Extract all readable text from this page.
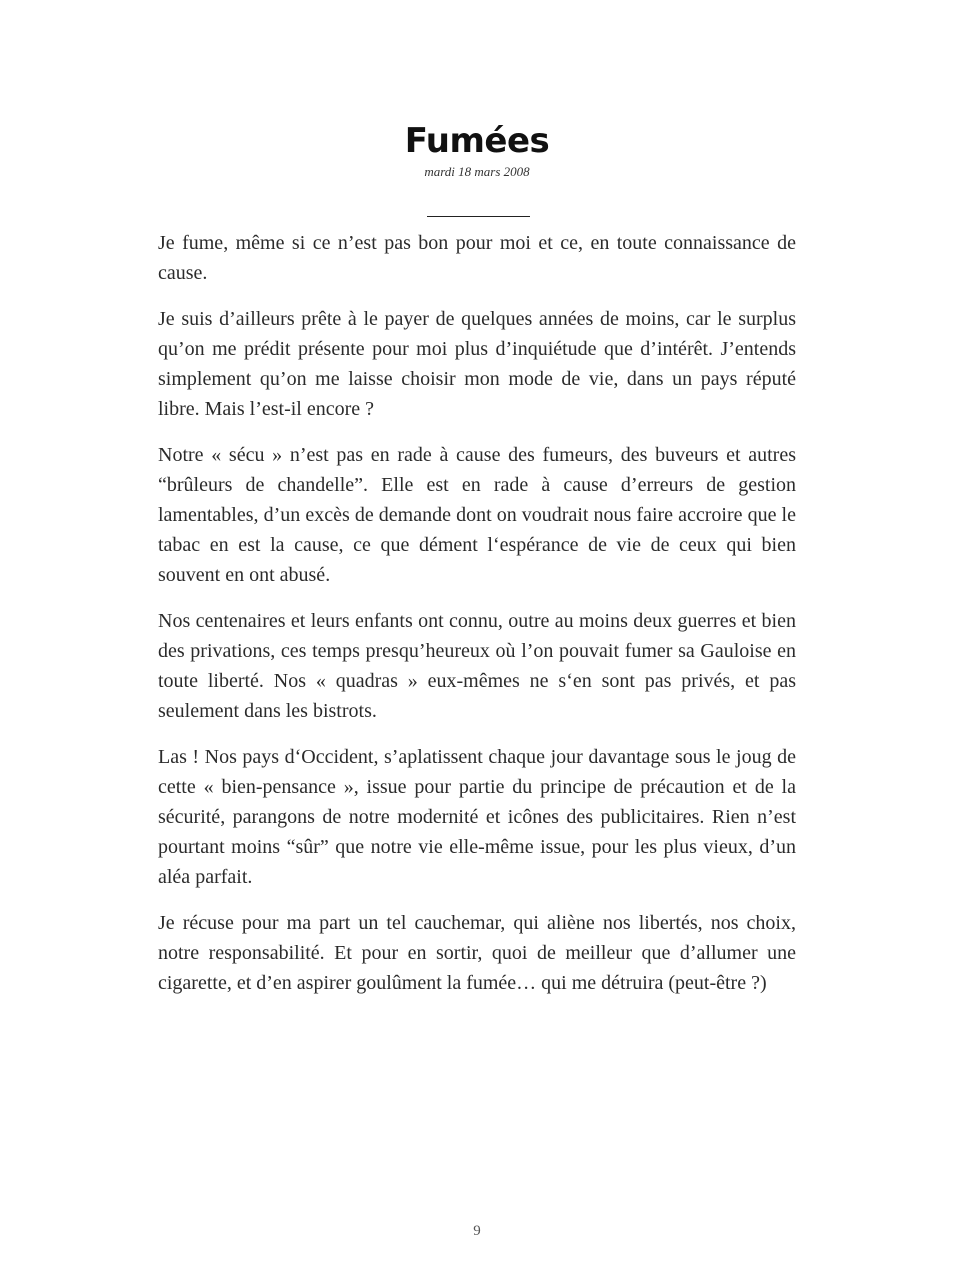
Fumées

mardi 18 mars 2008

Je fume, même si ce n’est pas bon pour moi et ce, en toute connaissance de cause.

Je suis d’ailleurs prête à le payer de quelques années de moins, car le surplus qu’on me prédit présente pour moi plus d’inquiétude que d’intérêt. J’entends simplement qu’on me laisse choisir mon mode de vie, dans un pays réputé libre. Mais l’est-il encore ?

Notre « sécu » n’est pas en rade à cause des fumeurs, des buveurs et autres “brûleurs de chandelle”. Elle est en rade à cause d’erreurs de gestion lamentables, d’un excès de demande dont on voudrait nous faire accroire que le tabac en est la cause, ce que dément l‘espérance de vie de ceux qui bien souvent en ont abusé.

Nos centenaires et leurs enfants ont connu, outre au moins deux guerres et bien des privations, ces temps presqu’heureux où l’on pouvait fumer sa Gauloise en toute liberté. Nos « quadras » eux-mêmes ne s‘en sont pas privés, et pas seulement dans les bistrots.

Las ! Nos pays d‘Occident, s’aplatissent chaque jour davantage sous le joug de cette « bien-pensance », issue pour partie du principe de précaution et de la sécurité, parangons de notre modernité et icônes des publicitaires. Rien n’est pourtant moins “sûr” que notre vie elle-même issue, pour les plus vieux, d’un aléa parfait.

Je récuse pour ma part un tel cauchemar, qui aliène nos libertés, nos choix, notre responsabilité. Et pour en sortir, quoi de meilleur que d’allumer une cigarette, et d’en aspirer goulûment la fumée… qui me détruira (peut-être ?)

9
